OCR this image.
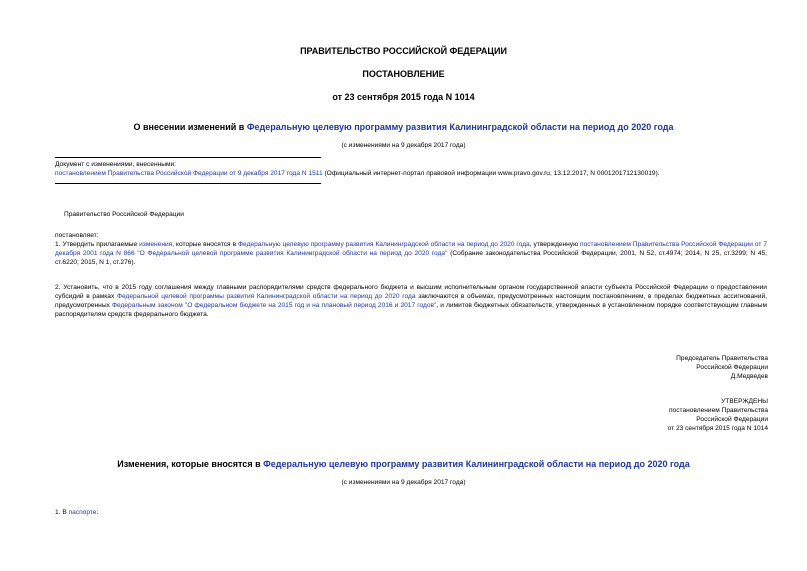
ПРАВИТЕЛЬСТВО РОССИЙСКОЙ ФЕДЕРАЦИИ
ПОСТАНОВЛЕНИЕ
от 23 сентября 2015 года N 1014
О внесении изменений в Федеральную целевую программу развития Калининградской области на период до 2020 года
(с изменениями на 9 декабря 2017 года)
Документ с изменениями, внесенными:
постановлением Правительства Российской Федерации от 9 декабря 2017 года N 1511 (Официальный интернет-портал правовой информации www.pravo.gov.ru, 13.12.2017, N 0001201712130019).
Правительство Российской Федерации
постановляет:

1. Утвердить прилагаемые изменения, которые вносятся в Федеральную целевую программу развития Калининградской области на период до 2020 года, утвержденную постановлением Правительства Российской Федерации от 7 декабря 2001 года N 866 "О Федеральной целевой программе развития Калининградской области на период до 2020 года" (Собрание законодательства Российской Федерации, 2001, N 52, ст.4974; 2014, N 25, ст.3299; N 45, ст.6220; 2015, N 1, ст.276).

2. Установить, что в 2015 году соглашения между главными распорядителями средств федерального бюджета и высшим исполнительным органом государственной власти субъекта Российской Федерации о предоставлении субсидий в рамках Федеральной целевой программы развития Калининградской области на период до 2020 года заключаются в объемах, предусмотренных настоящим постановлением, в пределах бюджетных ассигнований, предусмотренных Федеральным законом "О федеральном бюджете на 2015 год и на плановый период 2016 и 2017 годов", и лимитов бюджетных обязательств, утвержденных в установленном порядке соответствующим главным распорядителям средств федерального бюджета.

Председатель Правительства
Российской Федерации
Д.Медведев
УТВЕРЖДЕНЫ
постановлением Правительства
Российской Федерации
от 23 сентября 2015 года N 1014
Изменения, которые вносятся в Федеральную целевую программу развития Калининградской области на период до 2020 года
(с изменениями на 9 декабря 2017 года)
1. В паспорте:
